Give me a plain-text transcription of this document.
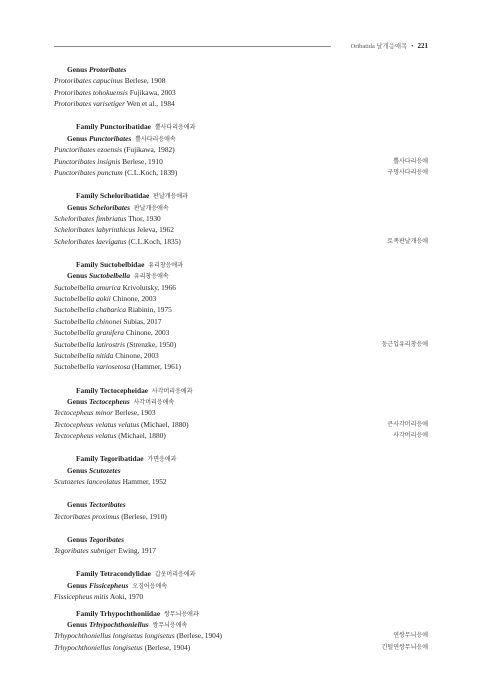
Oribatida 날개응애목 • 221
Genus Protoribates
Protoribates capucinus Berlese, 1908
Protoribates tohokuensis Fujikawa, 2003
Protoribates varisetiger Wen et al., 1984
Family Punctoribatidae 뿔사다리응애과
Genus Punctoribates 뿔사다리응애속
Punctoribates ezoensis (Fujikawa, 1982)
Punctoribates insignis Berlese, 1910	뿔사다리응애
Punctoribates punctum (C.L.Koch, 1839)	구멍사다리응애
Family Scheloribatidae 판날개응애과
Genus Scheloribates 판날개응애속
Scheloribates fimbriatus Thor, 1930
Scheloribates labyrinthicus Jeleva, 1962
Scheloribates laevigatus (C.L.Koch, 1835)	토족판날개응애
Family Suctobelbidae 유리창응애과
Genus Suctobelbella 유리창응애속
Suctobelbella amurica Krivolutsky, 1966
Suctobelbella aokii Chinone, 2003
Suctobelbella chabarica Riabinin, 1975
Suctobelbella chinonei Subias, 2017
Suctobelbella granifera Chinone, 2003
Suctobelbella latirostris (Strenzke, 1950)	둥근입유리창응애
Suctobelbella nitida Chinone, 2003
Suctobelbella variosetosa (Hammer, 1961)
Family Tectocepheidae 사각머리응애과
Genus Tectocepheus 사각머리응애속
Tectocepheus minor Berlese, 1903
Tectocepheus velatus velatus (Michael, 1880)	큰사각머리응애
Tectocepheus velatus (Michael, 1880)	사각머리응애
Family Tegoribatidae 가면응애과
Genus Scutozetes
Scutozetes lanceolatus Hammer, 1952
Genus Tectoribates
Tectoribates proximus (Berlese, 1910)
Genus Tegoribates
Tegoribates subniger Ewing, 1917
Family Tetracondylidae 갑옷머리응애과
Genus Fissicepheus 오징어응애속
Fissicepheus mitis Aoki, 1970
Family Trhypochthoniidae 쌍무늬응애과
Genus Trhypochthoniellus 쌍무늬응애속
Trhypochthoniellus longisetus longisetus (Berlese, 1904)	연쌍무늬응애
Trhypochthoniellus longisetus (Berlese, 1904)	긴털연쌍무늬응애
